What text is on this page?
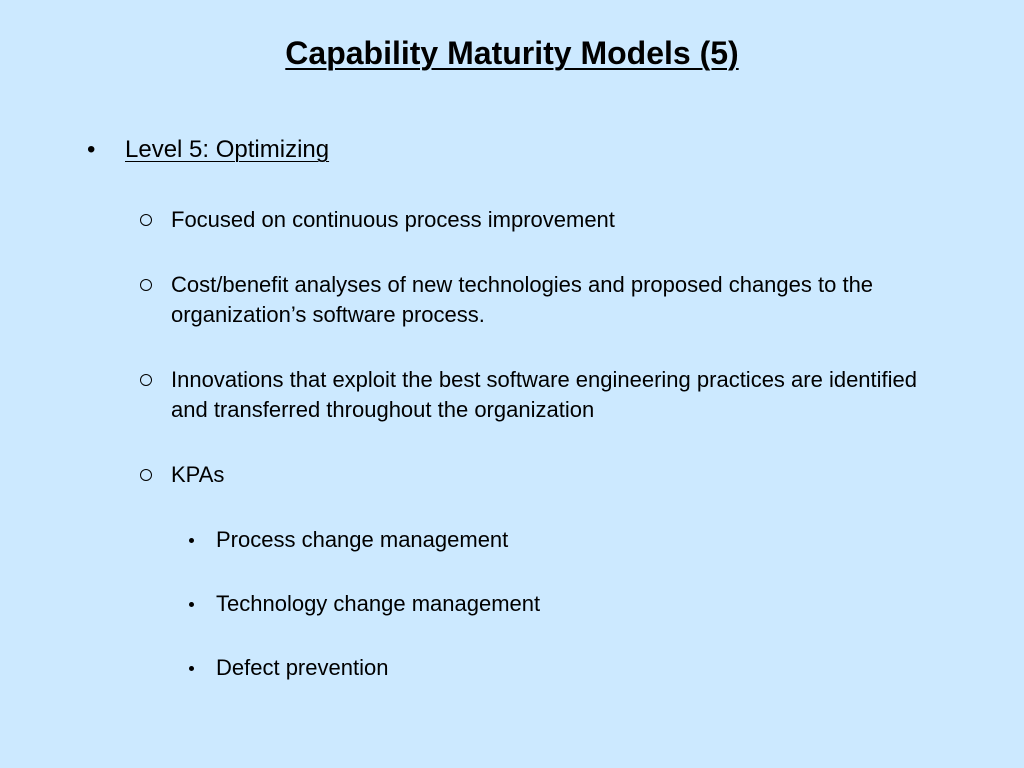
Capability Maturity Models (5)
•	Level 5: Optimizing
Focused on continuous process improvement
Cost/benefit analyses of new technologies and proposed changes to the organization’s software process.
Innovations that exploit the best software engineering practices are identified and transferred throughout the organization
KPAs
Process change management
Technology change management
Defect prevention
